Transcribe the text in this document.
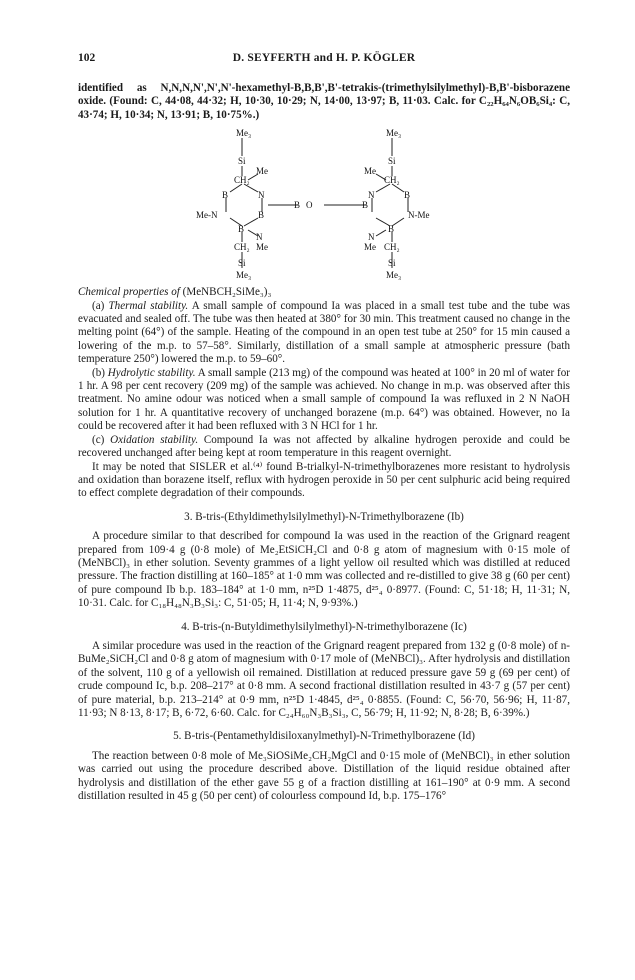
102	D. SEYFERTH and H. P. KÖGLER

identified as N,N,N,N',N',N'-hexamethyl-B,B,B',B'-tetrakis-(trimethylsilylmethyl)-B,B'-bisborazene oxide. (Found: C, 44·08, 44·32; H, 10·30, 10·29; N, 14·00, 13·97; B, 11·03. Calc. for C₂₂H₆₄N₆OB₆Si₄: C, 43·74; H, 10·34; N, 13·91; B, 10·75%.)

Me₃
Si
CH₂
Me
B	N
Me-N	B
B
N
CH₂ Me
Si
Me₃
O
B	B
Me₃
Si
CH₂
Me
N	B
N-Me
B
N
Me CH₂
Si
Me₃

Chemical properties of (MeNBCH₂SiMe₃)₃

(a) Thermal stability. A small sample of compound Ia was placed in a small test tube and the tube was evacuated and sealed off. The tube was then heated at 380° for 30 min. This treatment caused no change in the melting point (64°) of the sample. Heating of the compound in an open test tube at 250° for 15 min caused a lowering of the m.p. to 57–58°. Similarly, distillation of a small sample at atmospheric pressure (bath temperature 250°) lowered the m.p. to 59–60°.

(b) Hydrolytic stability. A small sample (213 mg) of the compound was heated at 100° in 20 ml of water for 1 hr. A 98 per cent recovery (209 mg) of the sample was achieved. No change in m.p. was observed after this treatment. No amine odour was noticed when a small sample of compound Ia was refluxed in 2 N NaOH solution for 1 hr. A quantitative recovery of unchanged borazene (m.p. 64°) was obtained. However, no Ia could be recovered after it had been refluxed with 3 N HCl for 1 hr.

(c) Oxidation stability. Compound Ia was not affected by alkaline hydrogen peroxide and could be recovered unchanged after being kept at room temperature in this reagent overnight.

It may be noted that SISLER et al.⁽⁴⁾ found B-trialkyl-N-trimethylborazenes more resistant to hydrolysis and oxidation than borazene itself, reflux with hydrogen peroxide in 50 per cent sulphuric acid being required to effect complete degradation of their compounds.

3. B-tris-(Ethyldimethylsilylmethyl)-N-Trimethylborazene (Ib)

A procedure similar to that described for compound Ia was used in the reaction of the Grignard reagent prepared from 109·4 g (0·8 mole) of Me₂EtSiCH₂Cl and 0·8 g atom of magnesium with 0·15 mole of (MeNBCl)₃ in ether solution. Seventy grammes of a light yellow oil resulted which was distilled at reduced pressure. The fraction distilling at 160–185° at 1·0 mm was collected and re-distilled to give 38 g (60 per cent) of pure compound Ib b.p. 183–184° at 1·0 mm, n²⁵D 1·4875, d²⁵₄ 0·8977. (Found: C, 51·18; H, 11·31; N, 10·31. Calc. for C₁₈H₄₈N₃B₃Si₃: C, 51·05; H, 11·4; N, 9·93%.)

4. B-tris-(n-Butyldimethylsilylmethyl)-N-trimethylborazene (Ic)

A similar procedure was used in the reaction of the Grignard reagent prepared from 132 g (0·8 mole) of n-BuMe₂SiCH₂Cl and 0·8 g atom of magnesium with 0·17 mole of (MeNBCl)₃. After hydrolysis and distillation of the solvent, 110 g of a yellowish oil remained. Distillation at reduced pressure gave 59 g (69 per cent) of crude compound Ic, b.p. 208–217° at 0·8 mm. A second fractional distillation resulted in 43·7 g (57 per cent) of pure material, b.p. 213–214° at 0·9 mm, n²⁵D 1·4845, d²⁵₄ 0·8855. (Found: C, 56·70, 56·96; H, 11·87, 11·93; N 8·13, 8·17; B, 6·72, 6·60. Calc. for C₂₄H₆₀N₃B₃Si₃, C, 56·79; H, 11·92; N, 8·28; B, 6·39%.)

5. B-tris-(Pentamethyldisiloxanylmethyl)-N-Trimethylborazene (Id)

The reaction between 0·8 mole of Me₃SiOSiMe₂CH₂MgCl and 0·15 mole of (MeNBCl)₃ in ether solution was carried out using the procedure described above. Distillation of the liquid residue obtained after hydrolysis and distillation of the ether gave 55 g of a fraction distilling at 161–190° at 0·9 mm. A second distillation resulted in 45 g (50 per cent) of colourless compound Id, b.p. 175–176°
